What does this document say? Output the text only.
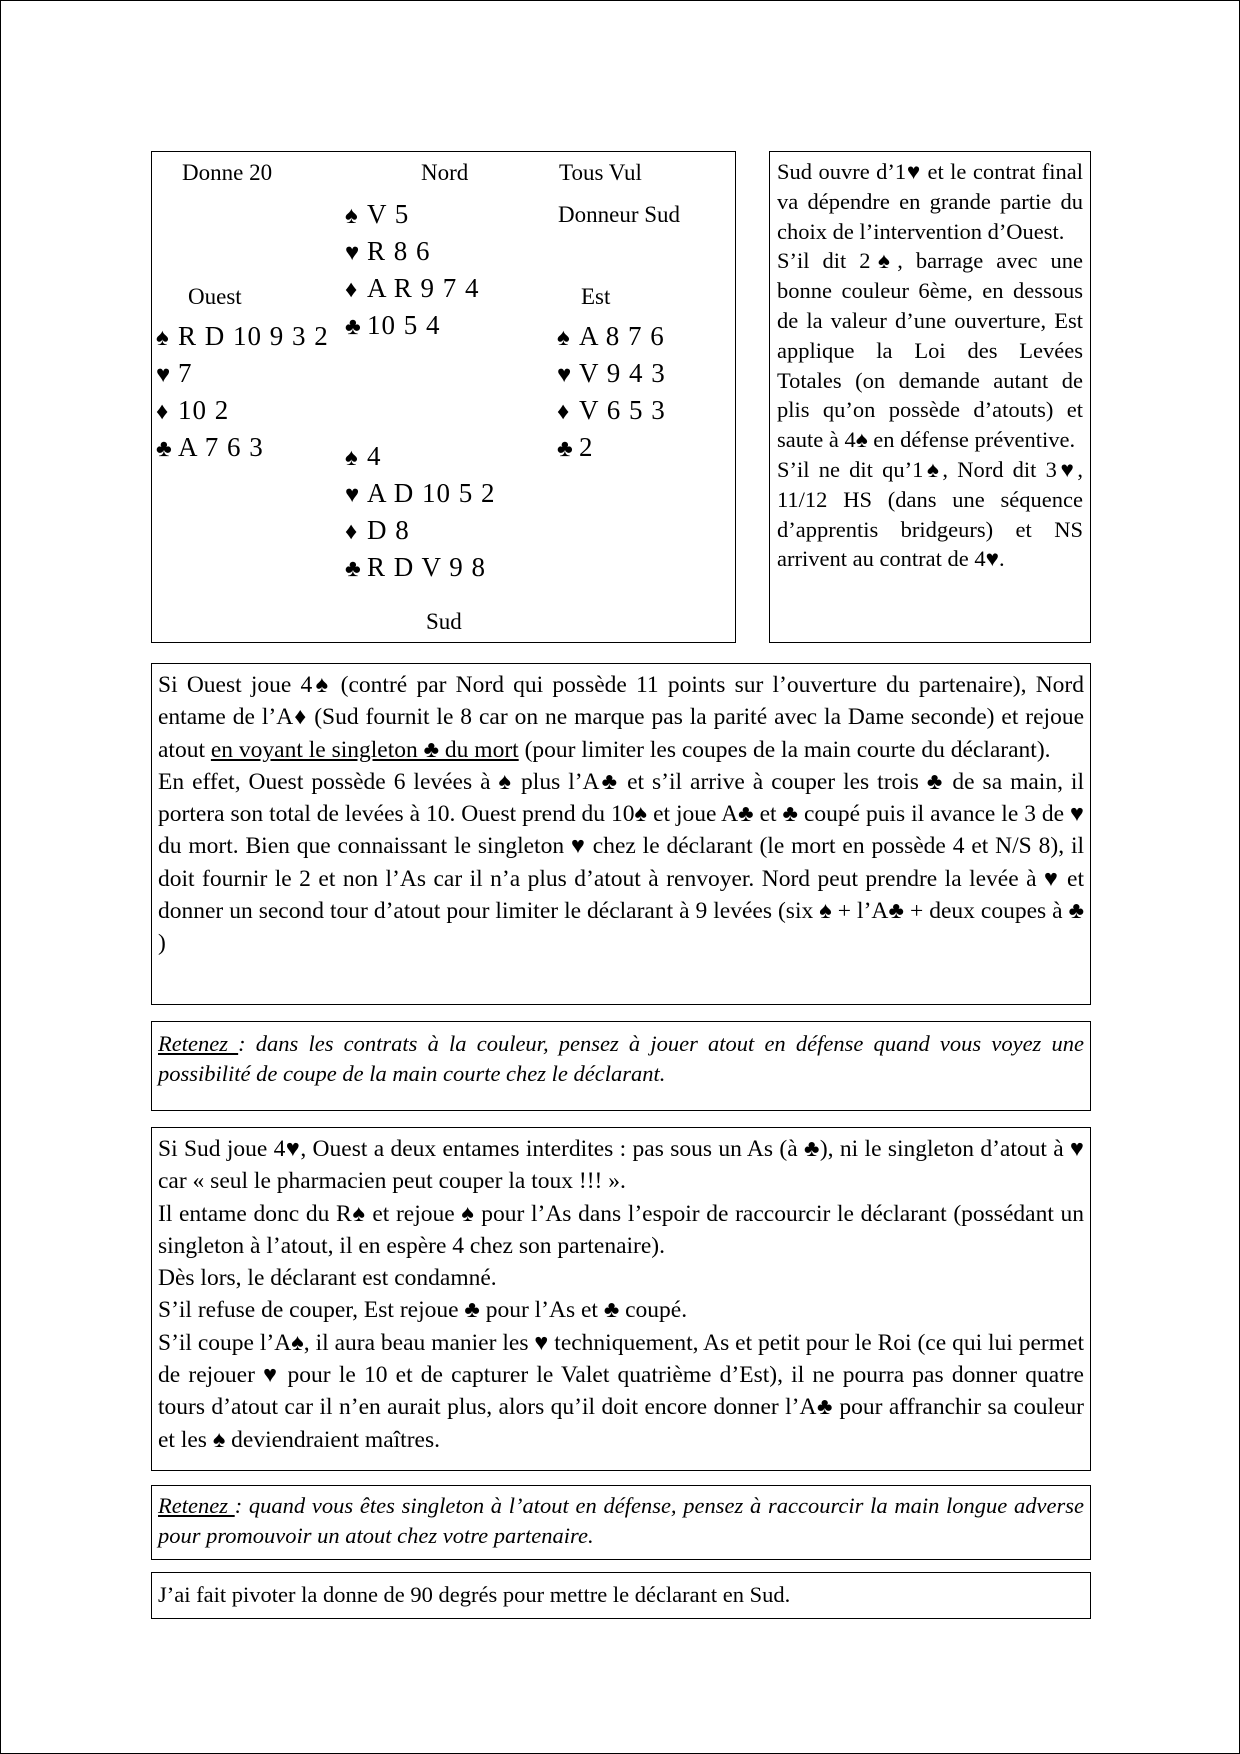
Donne 20	Nord	Tous Vul
Donneur Sud
Ouest	Est
Sud
♠ V 5
♥ R 8 6
♦ A R 9 7 4
♣ 10 5 4
♠ R D 10 9 3 2
♥ 7
♦ 10 2
♣ A 7 6 3
♠ A 8 7 6
♥ V 9 4 3
♦ V 6 5 3
♣ 2
♠ 4
♥ A D 10 5 2
♦ D 8
♣ R D V 9 8

Sud ouvre d’1♥ et le contrat final va dépendre en grande partie du choix de l’intervention d’Ouest.

S’il dit 2♠, barrage avec une bonne couleur 6ème, en dessous de la valeur d’une ouverture, Est applique la Loi des Levées Totales (on demande autant de plis qu’on possède d’atouts) et saute à 4♠ en défense préventive.

S’il ne dit qu’1♠, Nord dit 3♥, 11/12 HS (dans une séquence d’apprentis bridgeurs) et NS arrivent au contrat de 4♥.

Si Ouest joue 4♠ (contré par Nord qui possède 11 points sur l’ouverture du partenaire), Nord entame de l’A♦ (Sud fournit le 8 car on ne marque pas la parité avec la Dame seconde) et rejoue atout en voyant le singleton ♣ du mort (pour limiter les coupes de la main courte du déclarant).

En effet, Ouest possède 6 levées à ♠ plus l’A♣ et s’il arrive à couper les trois ♣ de sa main, il portera son total de levées à 10. Ouest prend du 10♠ et joue A♣ et ♣ coupé puis il avance le 3 de ♥ du mort. Bien que connaissant le singleton ♥ chez le déclarant (le mort en possède 4 et N/S 8), il doit fournir le 2 et non l’As car il n’a plus d’atout à renvoyer. Nord peut prendre la levée à ♥ et donner un second tour d’atout pour limiter le déclarant à 9 levées (six ♠ + l’A♣ + deux coupes à ♣ )

Retenez : dans les contrats à la couleur, pensez à jouer atout en défense quand vous voyez une possibilité de coupe de la main courte chez le déclarant.

Si Sud joue 4♥, Ouest a deux entames interdites : pas sous un As (à ♣), ni le singleton d’atout à ♥ car « seul le pharmacien peut couper la toux !!! ».

Il entame donc du R♠ et rejoue ♠ pour l’As dans l’espoir de raccourcir le déclarant (possédant un singleton à l’atout, il en espère 4 chez son partenaire).

Dès lors, le déclarant est condamné.

S’il refuse de couper, Est rejoue ♣ pour l’As et ♣ coupé.

S’il coupe l’A♠, il aura beau manier les ♥ techniquement, As et petit pour le Roi (ce qui lui permet de rejouer ♥ pour le 10 et de capturer le Valet quatrième d’Est), il ne pourra pas donner quatre tours d’atout car il n’en aurait plus, alors qu’il doit encore donner l’A♣ pour affranchir sa couleur et les ♠ deviendraient maîtres.

Retenez : quand vous êtes singleton à l’atout en défense, pensez à raccourcir la main longue adverse pour promouvoir un atout chez votre partenaire.

J’ai fait pivoter la donne de 90 degrés pour mettre le déclarant en Sud.
